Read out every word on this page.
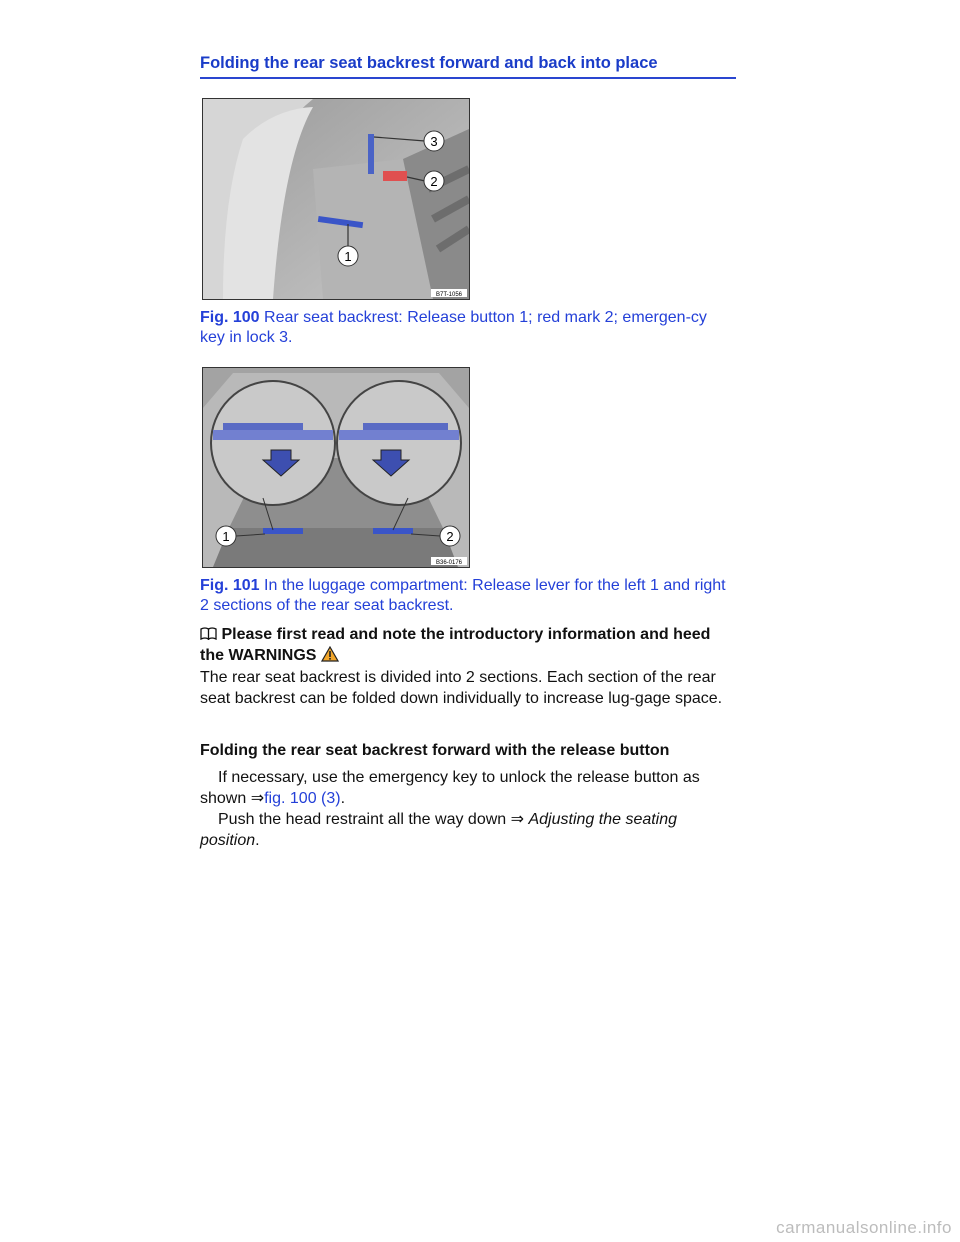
Folding the rear seat backrest forward and back into place
1
2
3
B7T-1056
Fig. 100 Rear seat backrest: Release button 1; red mark 2; emergen-cy key in lock 3.
1	2
B36-0176
Fig. 101 In the luggage compartment: Release lever for the left 1 and right 2 sections of the rear seat backrest.
Please first read and note the introductory information and heed the WARNINGS
The rear seat backrest is divided into 2 sections. Each section of the rear seat backrest can be folded down individually to increase lug-gage space.
Folding the rear seat backrest forward with the release button
If necessary, use the emergency key to unlock the release button as shown ⇒fig. 100 (3).
Push the head restraint all the way down ⇒ Adjusting the seating position.
carmanualsonline.info
